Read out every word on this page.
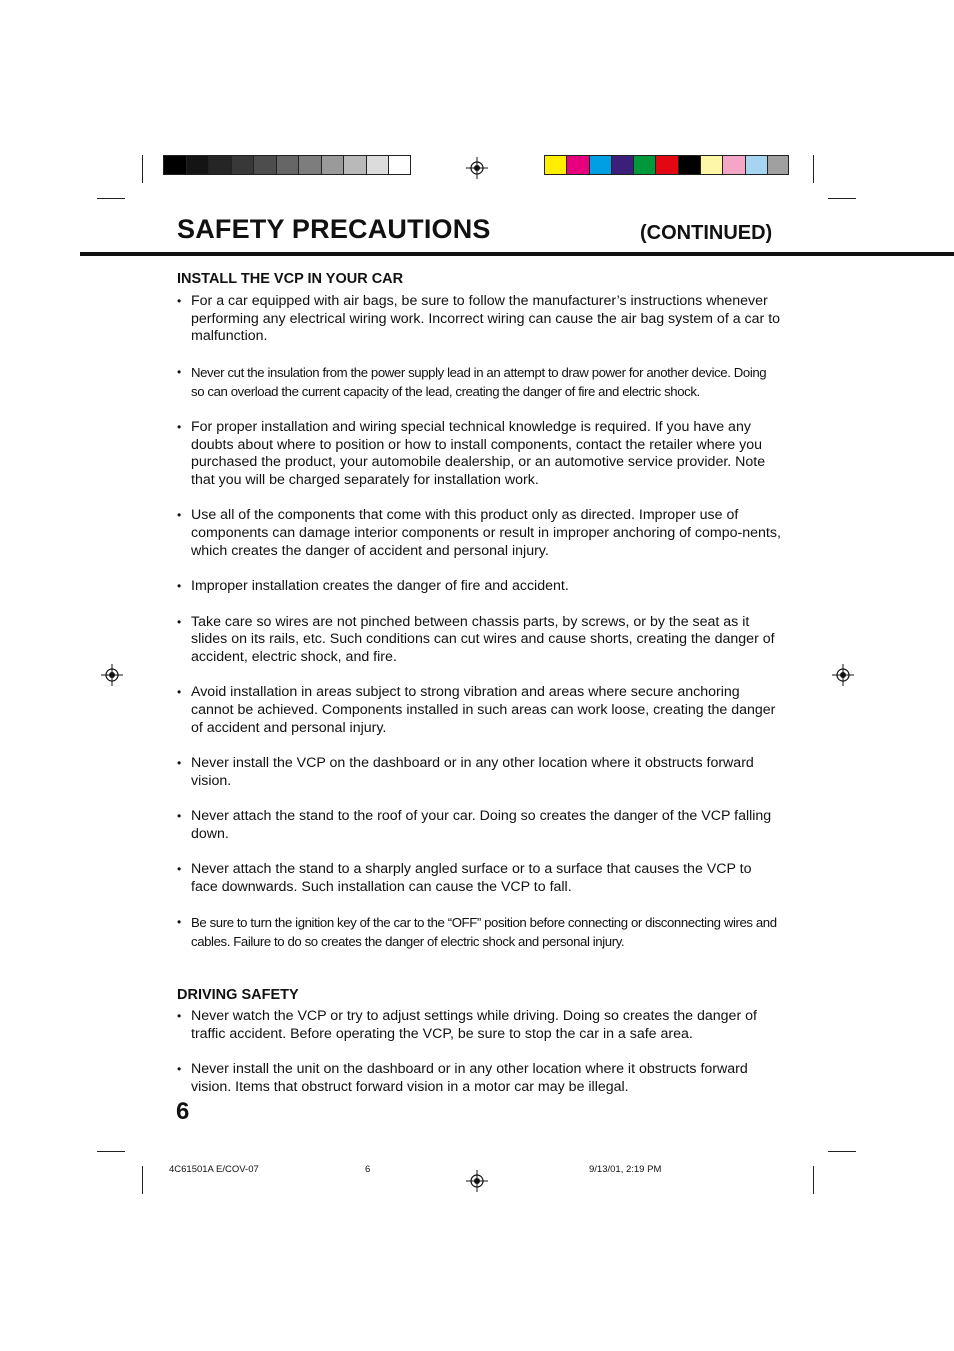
SAFETY PRECAUTIONS	(CONTINUED)
INSTALL THE VCP IN YOUR CAR
• For a car equipped with air bags, be sure to follow the manufacturer’s instructions whenever performing any electrical wiring work. Incorrect wiring can cause the air bag system of a car to malfunction.
• Never cut the insulation from the power supply lead in an attempt to draw power for another device. Doing so can overload the current capacity of the lead, creating the danger of fire and electric shock.
• For proper installation and wiring special technical knowledge is required. If you have any doubts about where to position or how to install components, contact the retailer where you purchased the product, your automobile dealership, or an automotive service provider. Note that you will be charged separately for installation work.
• Use all of the components that come with this product only as directed. Improper use of components can damage interior components or result in improper anchoring of compo-nents, which creates the danger of accident and personal injury.
• Improper installation creates the danger of fire and accident.
• Take care so wires are not pinched between chassis parts, by screws, or by the seat as it slides on its rails, etc. Such conditions can cut wires and cause shorts, creating the danger of accident, electric shock, and fire.
• Avoid installation in areas subject to strong vibration and areas where secure anchoring cannot be achieved. Components installed in such areas can work loose, creating the danger of accident and personal injury.
• Never install the VCP on the dashboard or in any other location where it obstructs forward vision.
• Never attach the stand to the roof of your car. Doing so creates the danger of the VCP falling down.
• Never attach the stand to a sharply angled surface or to a surface that causes the VCP to face downwards. Such installation can cause the VCP to fall.
• Be sure to turn the ignition key of the car to the “OFF” position before connecting or disconnecting wires and cables. Failure to do so creates the danger of electric shock and personal injury.
DRIVING SAFETY
• Never watch the VCP or try to adjust settings while driving. Doing so creates the danger of traffic accident. Before operating the VCP, be sure to stop the car in a safe area.
• Never install the unit on the dashboard or in any other location where it obstructs forward vision. Items that obstruct forward vision in a motor car may be illegal.
6
4C61501A E/COV-07	6	9/13/01, 2:19 PM
